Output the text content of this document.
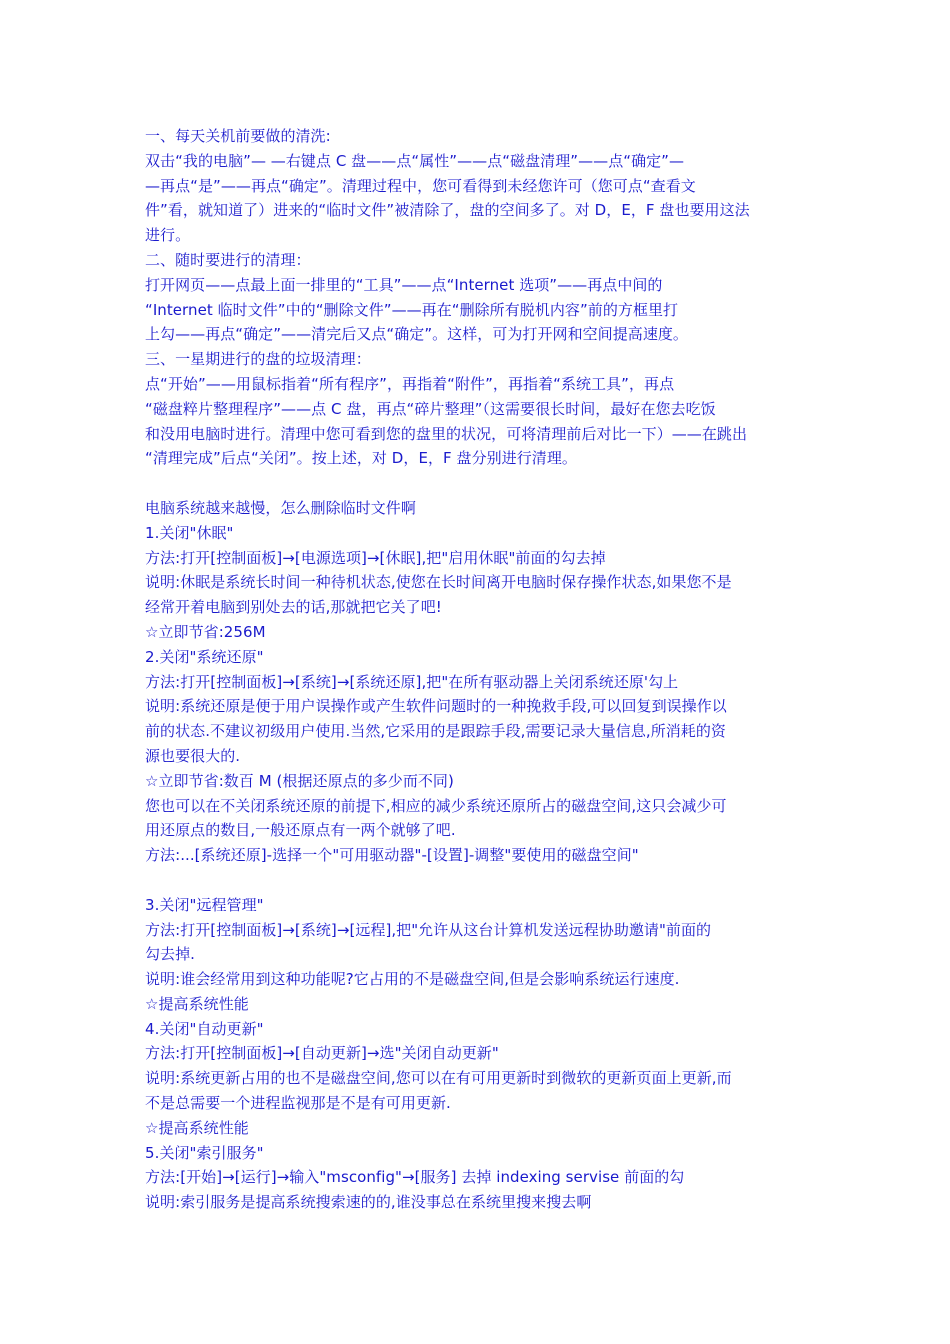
一、每天关机前要做的清洗:
双击“我的电脑”— —右键点 C 盘——点“属性”——点“磁盘清理”——点“确定”—
—再点“是”——再点“确定”。清理过程中，您可看得到未经您许可（您可点“查看文
件”看，就知道了）进来的“临时文件”被清除了，盘的空间多了。对 D，E，F 盘也要用这法
进行。
二、随时要进行的清理：
打开网页——点最上面一排里的“工具”——点“Internet 选项”——再点中间的
“Internet 临时文件”中的“删除文件”——再在“删除所有脱机内容”前的方框里打
上勾——再点“确定”——清完后又点“确定”。这样，可为打开网和空间提高速度。
三、一星期进行的盘的垃圾清理：
点“开始”——用鼠标指着“所有程序”，再指着“附件”，再指着“系统工具”，再点
“磁盘粹片整理程序”——点 C 盘，再点“碎片整理”（这需要很长时间，最好在您去吃饭
和没用电脑时进行。清理中您可看到您的盘里的状况，可将清理前后对比一下）——在跳出
“清理完成”后点“关闭”。按上述，对 D，E，F 盘分别进行清理。
电脑系统越来越慢，怎么删除临时文件啊
1.关闭"休眠"
方法:打开[控制面板]→[电源选项]→[休眠],把"启用休眠"前面的勾去掉
说明:休眠是系统长时间一种待机状态,使您在长时间离开电脑时保存操作状态,如果您不是
经常开着电脑到别处去的话,那就把它关了吧!
☆立即节省:256M
2.关闭"系统还原"
方法:打开[控制面板]→[系统]→[系统还原],把"在所有驱动器上关闭系统还原'勾上
说明:系统还原是便于用户误操作或产生软件问题时的一种挽救手段,可以回复到误操作以
前的状态.不建议初级用户使用.当然,它采用的是跟踪手段,需要记录大量信息,所消耗的资
源也要很大的.
☆立即节省:数百 M (根据还原点的多少而不同)
您也可以在不关闭系统还原的前提下,相应的减少系统还原所占的磁盘空间,这只会减少可
用还原点的数目,一般还原点有一两个就够了吧.
方法:...[系统还原]-选择一个"可用驱动器"-[设置]-调整"要使用的磁盘空间"
3.关闭"远程管理"
方法:打开[控制面板]→[系统]→[远程],把"允许从这台计算机发送远程协助邀请"前面的
勾去掉.
说明:谁会经常用到这种功能呢?它占用的不是磁盘空间,但是会影响系统运行速度.
☆提高系统性能
4.关闭"自动更新"
方法:打开[控制面板]→[自动更新]→选"关闭自动更新"
说明:系统更新占用的也不是磁盘空间,您可以在有可用更新时到微软的更新页面上更新,而
不是总需要一个进程监视那是不是有可用更新.
☆提高系统性能
5.关闭"索引服务"
方法:[开始]→[运行]→输入"msconfig"→[服务] 去掉 indexing servise 前面的勾
说明:索引服务是提高系统搜索速的的,谁没事总在系统里搜来搜去啊
